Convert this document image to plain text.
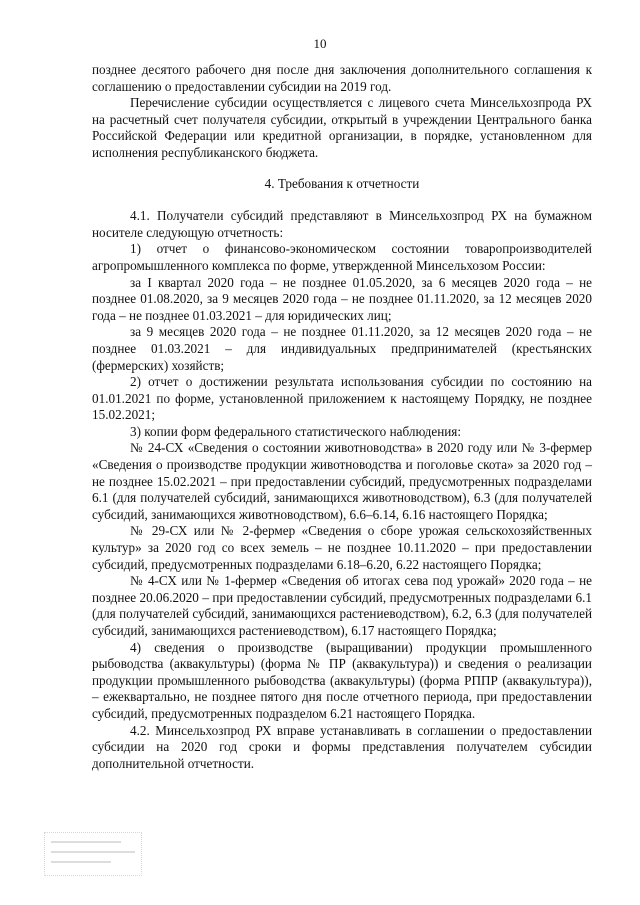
10

позднее десятого рабочего дня после дня заключения дополнительного соглашения к соглашению о предоставлении субсидии на 2019 год.

Перечисление субсидии осуществляется с лицевого счета Минсельхозпрода РХ на расчетный счет получателя субсидии, открытый в учреждении Центрального банка Российской Федерации или кредитной организации, в порядке, установленном для исполнения республиканского бюджета.

4. Требования к отчетности

4.1. Получатели субсидий представляют в Минсельхозпрод РХ на бумажном носителе следующую отчетность:

1) отчет о финансово-экономическом состоянии товаропроизводителей агропромышленного комплекса по форме, утвержденной Минсельхозом России:

за I квартал 2020 года – не позднее 01.05.2020, за 6 месяцев 2020 года – не позднее 01.08.2020, за 9 месяцев 2020 года – не позднее 01.11.2020, за 12 месяцев 2020 года – не позднее 01.03.2021 – для юридических лиц;

за 9 месяцев 2020 года – не позднее 01.11.2020, за 12 месяцев 2020 года – не позднее 01.03.2021 – для индивидуальных предпринимателей (крестьянских (фермерских) хозяйств;

2) отчет о достижении результата использования субсидии по состоянию на 01.01.2021 по форме, установленной приложением к настоящему Порядку, не позднее 15.02.2021;

3) копии форм федерального статистического наблюдения:

№ 24-СХ «Сведения о состоянии животноводства» в 2020 году или № 3-фермер «Сведения о производстве продукции животноводства и поголовье скота» за 2020 год – не позднее 15.02.2021 – при предоставлении субсидий, предусмотренных подразделами 6.1 (для получателей субсидий, занимающихся животноводством), 6.3 (для получателей субсидий, занимающихся животноводством), 6.6–6.14, 6.16 настоящего Порядка;

№ 29-СХ или № 2-фермер «Сведения о сборе урожая сельскохозяйственных культур» за 2020 год со всех земель – не позднее 10.11.2020 – при предоставлении субсидий, предусмотренных подразделами 6.18–6.20, 6.22 настоящего Порядка;

№ 4-СХ или № 1-фермер «Сведения об итогах сева под урожай» 2020 года – не позднее 20.06.2020 – при предоставлении субсидий, предусмотренных подразделами 6.1 (для получателей субсидий, занимающихся растениеводством), 6.2, 6.3 (для получателей субсидий, занимающихся растениеводством), 6.17 настоящего Порядка;

4) сведения о производстве (выращивании) продукции промышленного рыбоводства (аквакультуры) (форма № ПР (аквакультура)) и сведения о реализации продукции промышленного рыбоводства (аквакультуры) (форма РППР (аквакультура)), – ежеквартально, не позднее пятого дня после отчетного периода, при предоставлении субсидий, предусмотренных подразделом 6.21 настоящего Порядка.

4.2. Минсельхозпрод РХ вправе устанавливать в соглашении о предоставлении субсидии на 2020 год сроки и формы представления получателем субсидии дополнительной отчетности.
